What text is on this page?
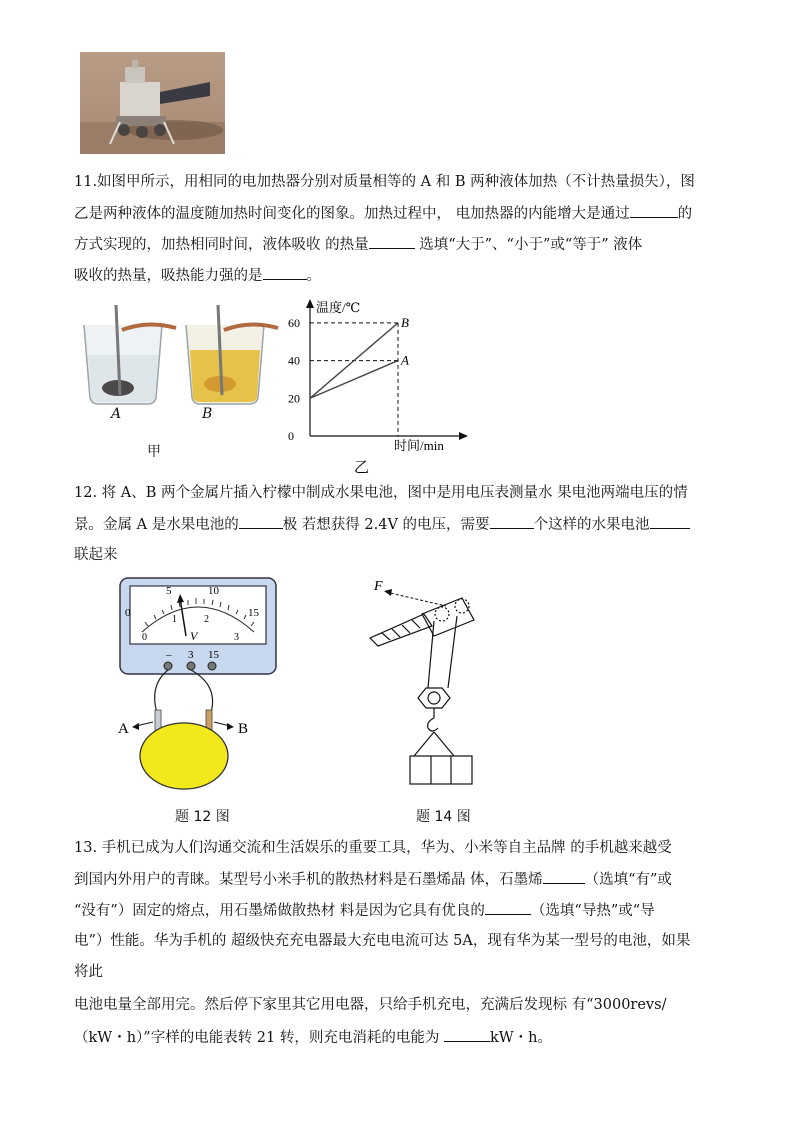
11.如图甲所示，用相同的电加热器分别对质量相等的 A 和 B 两种液体加热（不计热量损失），图
乙是两种液体的温度随加热时间变化的图象。加热过程中， 电加热器的内能增大是通过	的
方式实现的，加热相同时间，液体吸收 的热量	选填“大于”、“小于”或“等于” 液体
吸收的热量，吸热能力强的是	。
A	B
甲
温度/℃
时间/min
0
20
40
60
A
B
乙
12. 将 A、B 两个金属片插入柠檬中制成水果电池，图中是用电压表测量水 果电池两端电压的情
景。金属 A 是水果电池的	极 若想获得 2.4V 的电压，需要	个这样的水果电池
联起来
0
5	10
15
0
1	2
3
V
– 3 15
A	B
题 12 图
F
题 14 图
13. 手机已成为人们沟通交流和生活娱乐的重要工具，华为、小米等自主品牌 的手机越来越受
到国内外用户的青睐。某型号小米手机的散热材料是石墨烯晶 体，石墨烯	（选填“有”或
“没有”）固定的熔点，用石墨烯做散热材 料是因为它具有优良的	（选填“导热”或“导
电”）性能。华为手机的 超级快充充电器最大充电电流可达 5A，现有华为某一型号的电池，如果
将此
电池电量全部用完。然后停下家里其它用电器，只给手机充电，充满后发现标 有“3000revs/
（kW・h）”字样的电能表转 21 转，则充电消耗的电能为	kW・h。
